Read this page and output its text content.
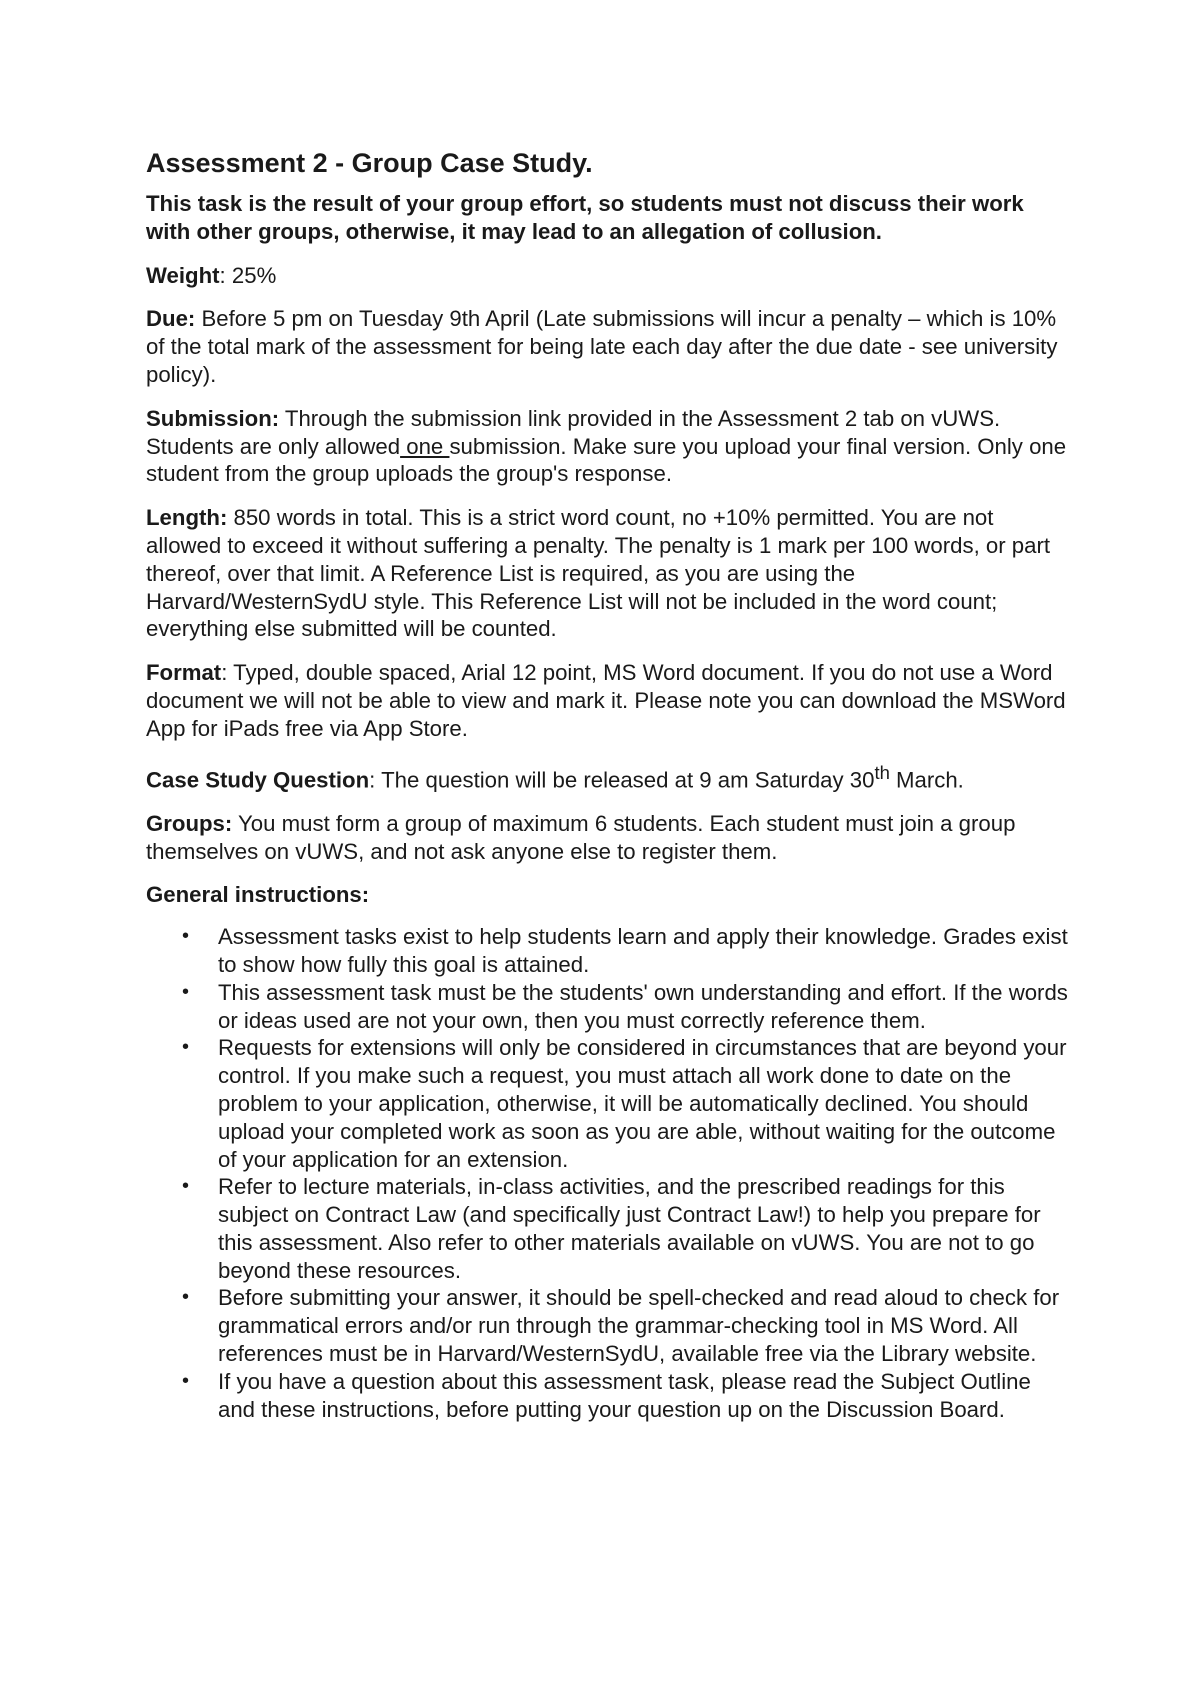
Assessment 2 - Group Case Study.

This task is the result of your group effort, so students must not discuss their work with other groups, otherwise, it may lead to an allegation of collusion.

Weight: 25%

Due: Before 5 pm on Tuesday 9th April (Late submissions will incur a penalty – which is 10% of the total mark of the assessment for being late each day after the due date - see university policy).

Submission: Through the submission link provided in the Assessment 2 tab on vUWS. Students are only allowed one submission. Make sure you upload your final version. Only one student from the group uploads the group's response.

Length: 850 words in total. This is a strict word count, no +10% permitted. You are not allowed to exceed it without suffering a penalty. The penalty is 1 mark per 100 words, or part thereof, over that limit. A Reference List is required, as you are using the Harvard/WesternSydU style. This Reference List will not be included in the word count; everything else submitted will be counted.

Format: Typed, double spaced, Arial 12 point, MS Word document. If you do not use a Word document we will not be able to view and mark it. Please note you can download the MSWord App for iPads free via App Store.

Case Study Question: The question will be released at 9 am Saturday 30th March.

Groups: You must form a group of maximum 6 students. Each student must join a group themselves on vUWS, and not ask anyone else to register them.

General instructions:

• Assessment tasks exist to help students learn and apply their knowledge. Grades exist to show how fully this goal is attained.
• This assessment task must be the students' own understanding and effort. If the words or ideas used are not your own, then you must correctly reference them.
• Requests for extensions will only be considered in circumstances that are beyond your control. If you make such a request, you must attach all work done to date on the problem to your application, otherwise, it will be automatically declined. You should upload your completed work as soon as you are able, without waiting for the outcome of your application for an extension.
• Refer to lecture materials, in-class activities, and the prescribed readings for this subject on Contract Law (and specifically just Contract Law!) to help you prepare for this assessment. Also refer to other materials available on vUWS. You are not to go beyond these resources.
• Before submitting your answer, it should be spell-checked and read aloud to check for grammatical errors and/or run through the grammar-checking tool in MS Word. All references must be in Harvard/WesternSydU, available free via the Library website.
• If you have a question about this assessment task, please read the Subject Outline and these instructions, before putting your question up on the Discussion Board.
